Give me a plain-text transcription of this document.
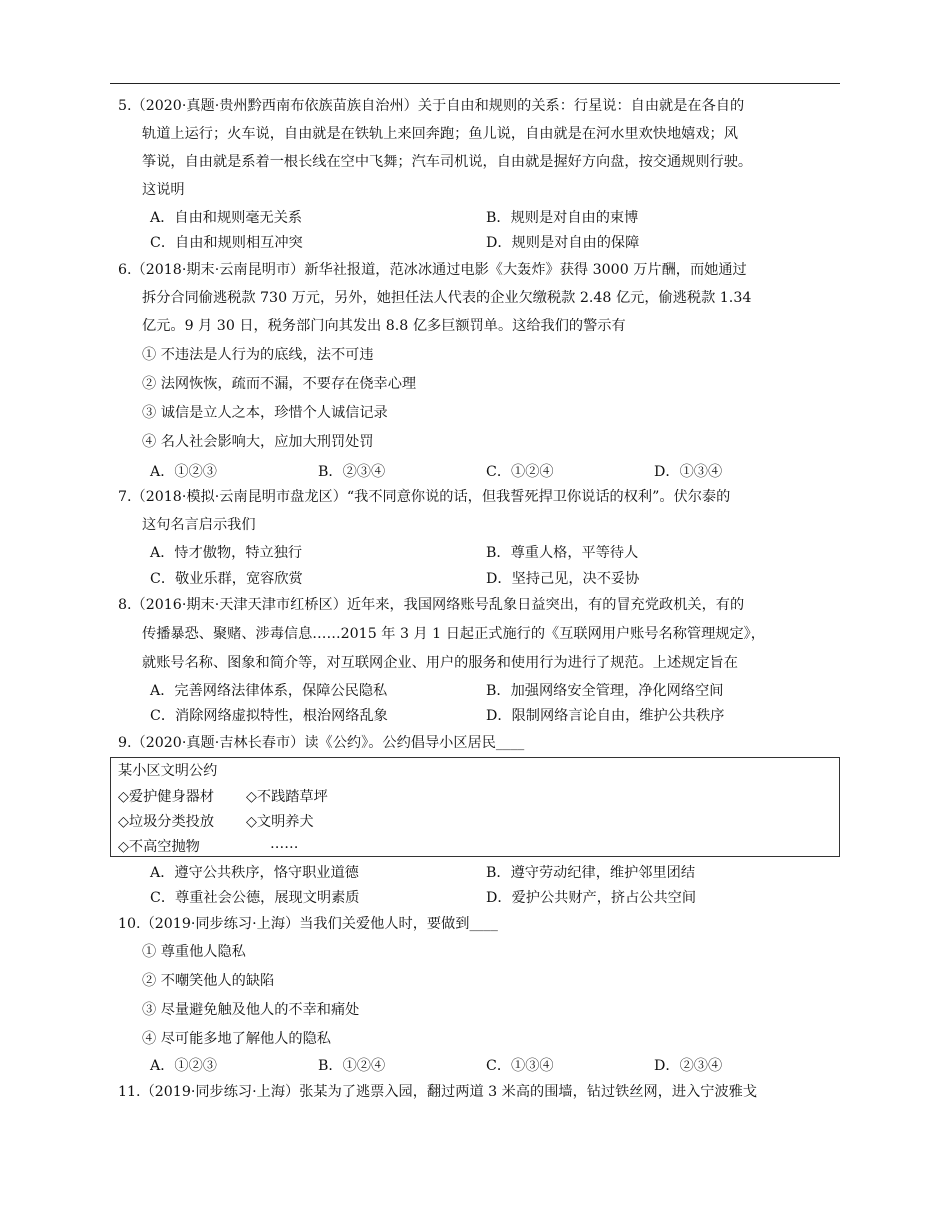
5.（2020·真题·贵州黔西南布依族苗族自治州）关于自由和规则的关系：行星说：自由就是在各自的
轨道上运行；火车说，自由就是在铁轨上来回奔跑；鱼儿说，自由就是在河水里欢快地嬉戏；风
筝说，自由就是系着一根长线在空中飞舞；汽车司机说，自由就是握好方向盘，按交通规则行驶。
这说明
A．自由和规则毫无关系	B．规则是对自由的束博
C．自由和规则相互冲突	D．规则是对自由的保障
6.（2018·期末·云南昆明市）新华社报道，范冰冰通过电影《大轰炸》获得 3000 万片酬，而她通过
拆分合同偷逃税款 730 万元，另外，她担任法人代表的企业欠缴税款 2.48 亿元，偷逃税款 1.34
亿元。9 月 30 日，税务部门向其发出 8.8 亿多巨额罚单。这给我们的警示有
① 不违法是人行为的底线，法不可违
② 法网恢恢，疏而不漏，不要存在侥幸心理
③ 诚信是立人之本，珍惜个人诚信记录
④ 名人社会影响大，应加大刑罚处罚
A．①②③	B．②③④	C．①②④	D．①③④
7.（2018·模拟·云南昆明市盘龙区）“我不同意你说的话，但我誓死捍卫你说话的权利”。伏尔泰的
这句名言启示我们
A．恃才傲物，特立独行	B．尊重人格，平等待人
C．敬业乐群，宽容欣赏	D．坚持己见，决不妥协
8.（2016·期末·天津天津市红桥区）近年来，我国网络账号乱象日益突出，有的冒充党政机关，有的
传播暴恐、聚赌、涉毒信息……2015 年 3 月 1 日起正式施行的《互联网用户账号名称管理规定》，
就账号名称、图象和简介等，对互联网企业、用户的服务和使用行为进行了规范。上述规定旨在
A．完善网络法律体系，保障公民隐私	B．加强网络安全管理，净化网络空间
C．消除网络虚拟特性，根治网络乱象	D．限制网络言论自由，维护公共秩序
9.（2020·真题·吉林长春市）读《公约》。公约倡导小区居民____
某小区文明公约
◇爱护健身器材 ◇不践踏草坪
◇垃圾分类投放 ◇文明养犬
◇不高空抛物	……
A．遵守公共秩序，恪守职业道德	B．遵守劳动纪律，维护邻里团结
C．尊重社会公德，展现文明素质	D．爱护公共财产，挤占公共空间
10.（2019·同步练习·上海）当我们关爱他人时，要做到____
① 尊重他人隐私
② 不嘲笑他人的缺陷
③ 尽量避免触及他人的不幸和痛处
④ 尽可能多地了解他人的隐私
A．①②③	B．①②④	C．①③④	D．②③④
11.（2019·同步练习·上海）张某为了逃票入园，翻过两道 3 米高的围墙，钻过铁丝网，进入宁波雅戈
